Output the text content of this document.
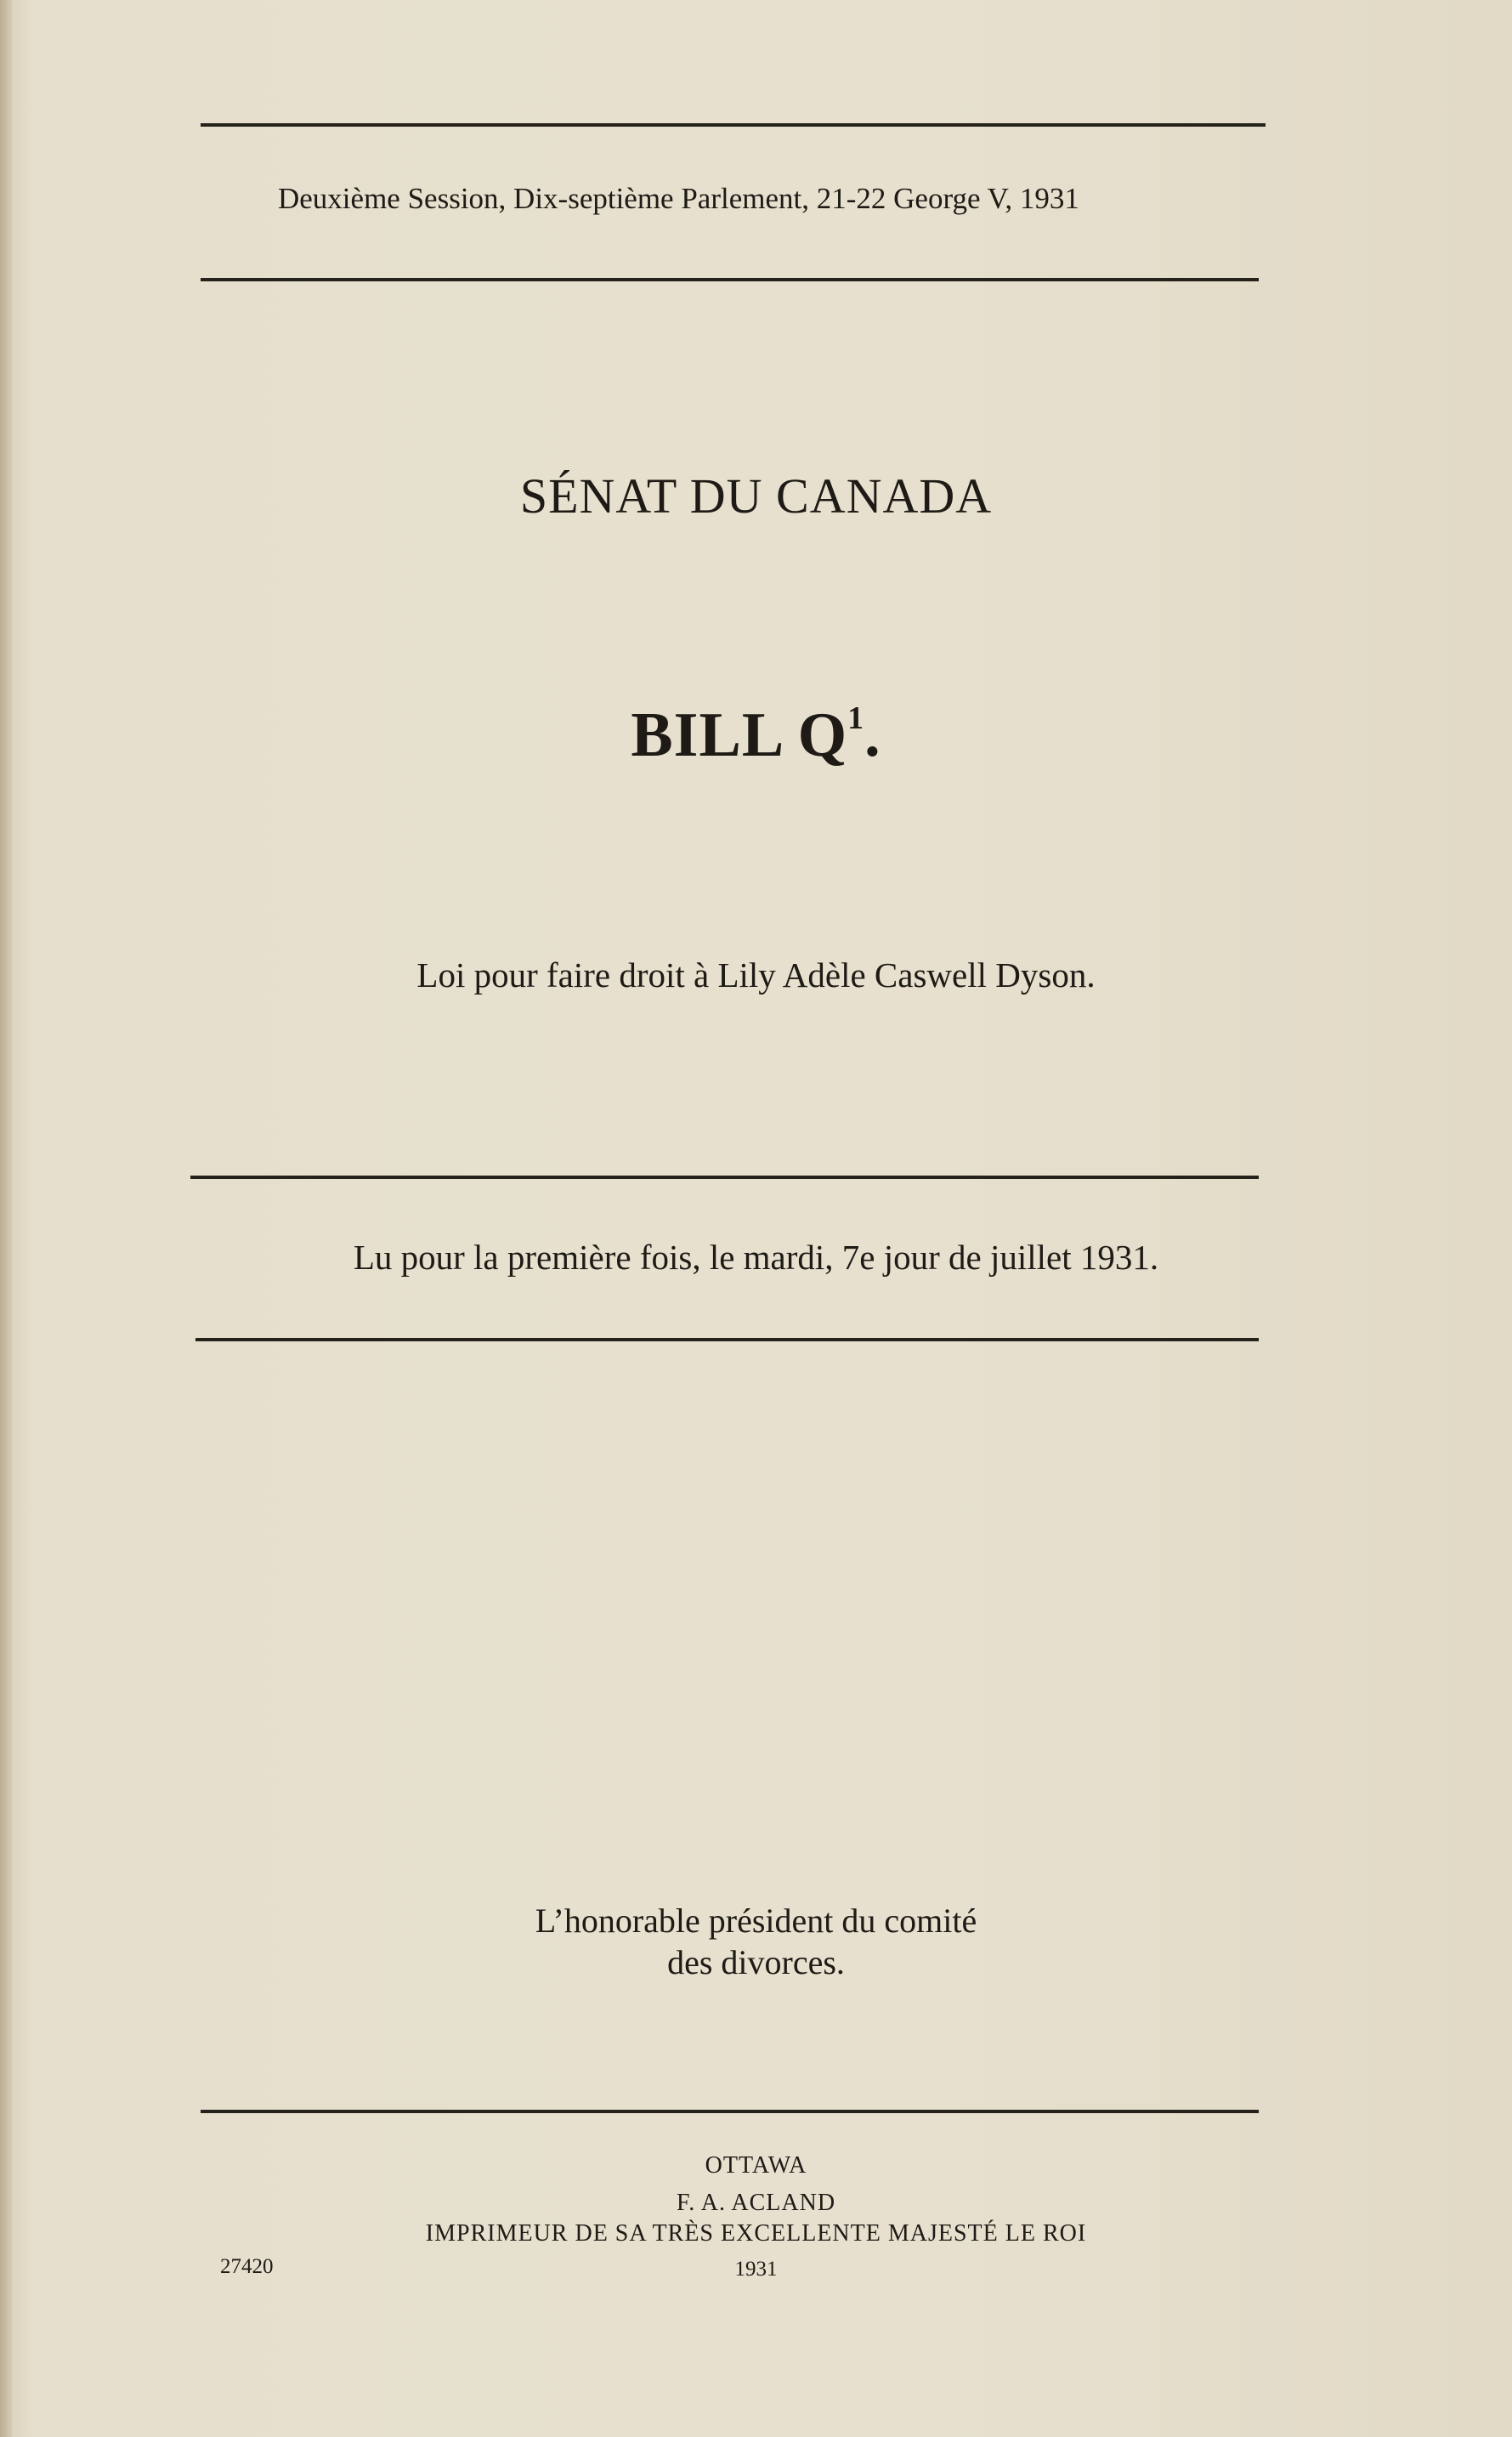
Deuxième Session, Dix-septième Parlement, 21-22 George V, 1931
SÉNAT DU CANADA
BILL $Q^1$.
Loi pour faire droit à Lily Adèle Caswell Dyson.
Lu pour la première fois, le mardi, 7e jour de juillet 1931.
L’honorable président du comité
des divorces.
OTTAWA
F. A. ACLAND
IMPRIMEUR DE SA TRÈS EXCELLENTE MAJESTÉ LE ROI
27420	1931
